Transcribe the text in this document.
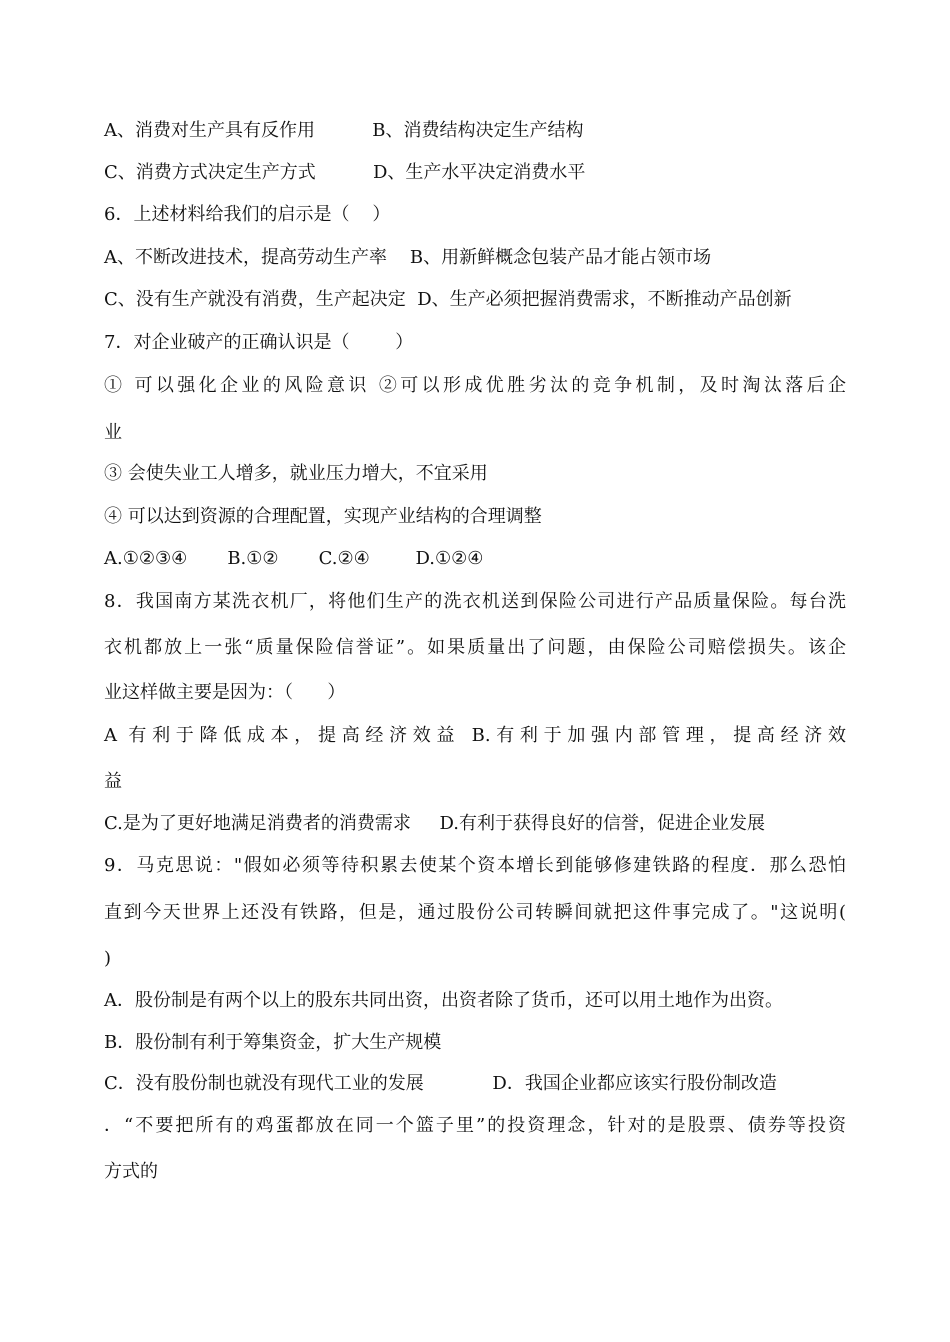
A、消费对生产具有反作用          B、消费结构决定生产结构
C、消费方式决定生产方式          D、生产水平决定消费水平
6．上述材料给我们的启示是（    ）
A、不断改进技术，提高劳动生产率    B、用新鲜概念包装产品才能占领市场
C、没有生产就没有消费，生产起决定  D、生产必须把握消费需求，不断推动产品创新
7．对企业破产的正确认识是（        ）
① 可以强化企业的风险意识 ②可以形成优胜劣汰的竞争机制，及时淘汰落后企
业
③ 会使失业工人增多，就业压力增大，不宜采用
④ 可以达到资源的合理配置，实现产业结构的合理调整
A.①②③④       B.①②       C.②④        D.①②④
8．我国南方某洗衣机厂，将他们生产的洗衣机送到保险公司进行产品质量保险。每台洗
衣机都放上一张“质量保险信誉证”。如果质量出了问题，由保险公司赔偿损失。该企
业这样做主要是因为：（      ）
A 有利于降低成本，提高经济效益 B.有利于加强内部管理，提高经济效
益
C.是为了更好地满足消费者的消费需求     D.有利于获得良好的信誉，促进企业发展
9．马克思说："假如必须等待积累去使某个资本增长到能够修建铁路的程度．那么恐怕
直到今天世界上还没有铁路，但是，通过股份公司转瞬间就把这件事完成了。"这说明(
)
A．股份制是有两个以上的股东共同出资，出资者除了货币，还可以用土地作为出资。
B．股份制有利于筹集资金，扩大生产规模
C．没有股份制也就没有现代工业的发展            D．我国企业都应该实行股份制改造
．“不要把所有的鸡蛋都放在同一个篮子里”的投资理念，针对的是股票、债券等投资
方式的
